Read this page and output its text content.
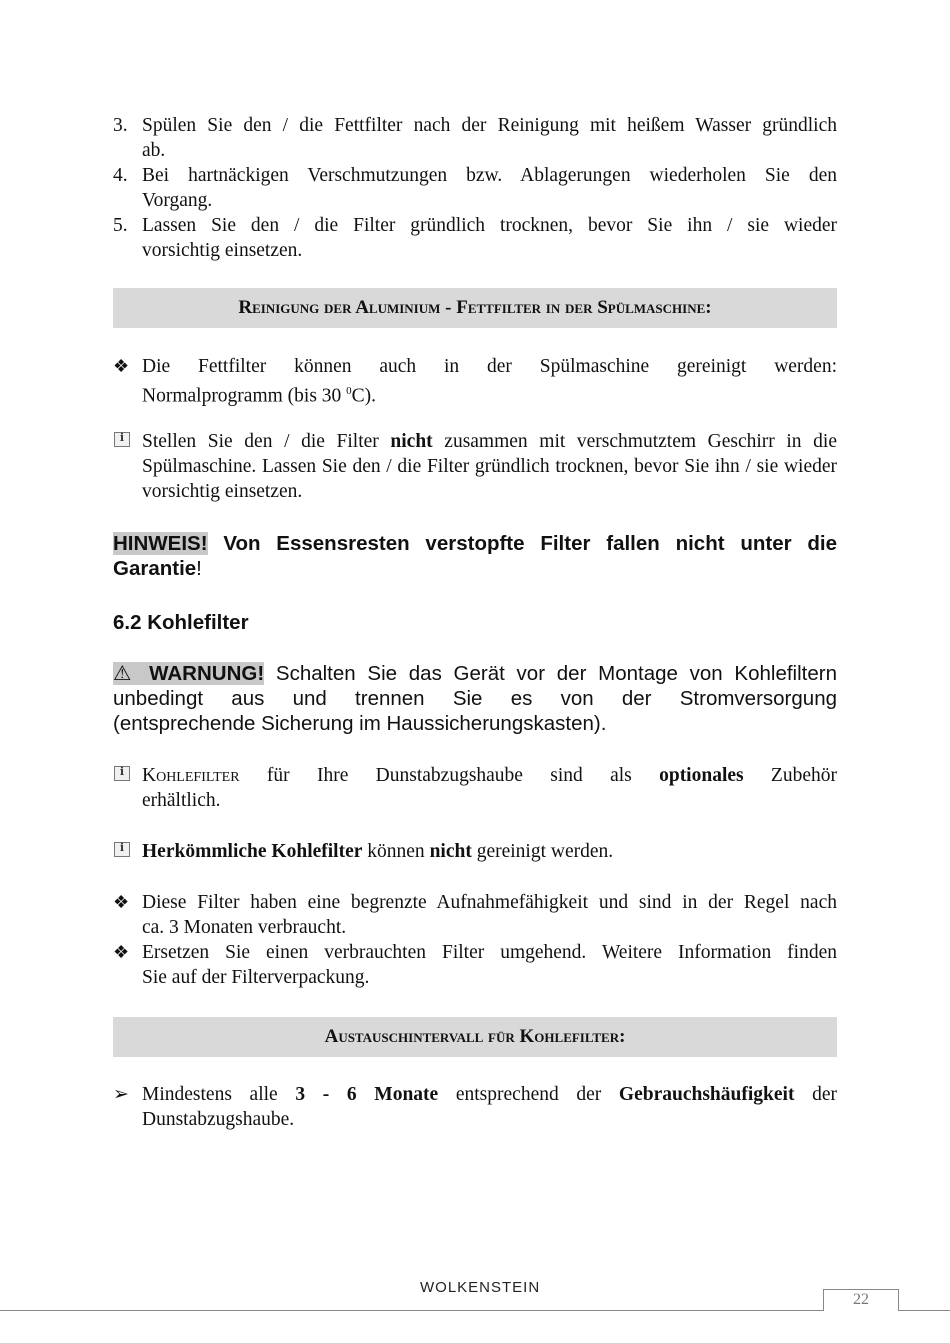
3. Spülen Sie den / die Fettfilter nach der Reinigung mit heißem Wasser gründlich
ab.
4. Bei hartnäckigen Verschmutzungen bzw. Ablagerungen wiederholen Sie den
Vorgang.
5. Lassen Sie den / die Filter gründlich trocknen, bevor Sie ihn / sie wieder
vorsichtig einsetzen.
Reinigung der Aluminium - Fettfilter in der Spülmaschine:
❖ Die Fettfilter können auch in der Spülmaschine gereinigt werden:
Normalprogramm (bis 30 $^0$C).
i Stellen Sie den / die Filter nicht zusammen mit verschmutztem Geschirr in die Spülmaschine. Lassen Sie den / die Filter gründlich trocknen, bevor Sie ihn / sie wieder vorsichtig einsetzen.
HINWEIS! Von Essensresten verstopfte Filter fallen nicht unter die
Garantie!
6.2 Kohlefilter
⚠ WARNUNG! Schalten Sie das Gerät vor der Montage von Kohlefiltern
unbedingt aus und trennen Sie es von der Stromversorgung
(entsprechende Sicherung im Haussicherungskasten).
i Kohlefilter für Ihre Dunstabzugshaube sind als optionales Zubehör
erhältlich.
i Herkömmliche Kohlefilter können nicht gereinigt werden.
❖ Diese Filter haben eine begrenzte Aufnahmefähigkeit und sind in der Regel nach
ca. 3 Monaten verbraucht.
❖ Ersetzen Sie einen verbrauchten Filter umgehend. Weitere Information finden
Sie auf der Filterverpackung.
Austauschintervall für Kohlefilter:
➢ Mindestens alle 3 - 6 Monate entsprechend der Gebrauchshäufigkeit der
Dunstabzugshaube.
WOLKENSTEIN
22
